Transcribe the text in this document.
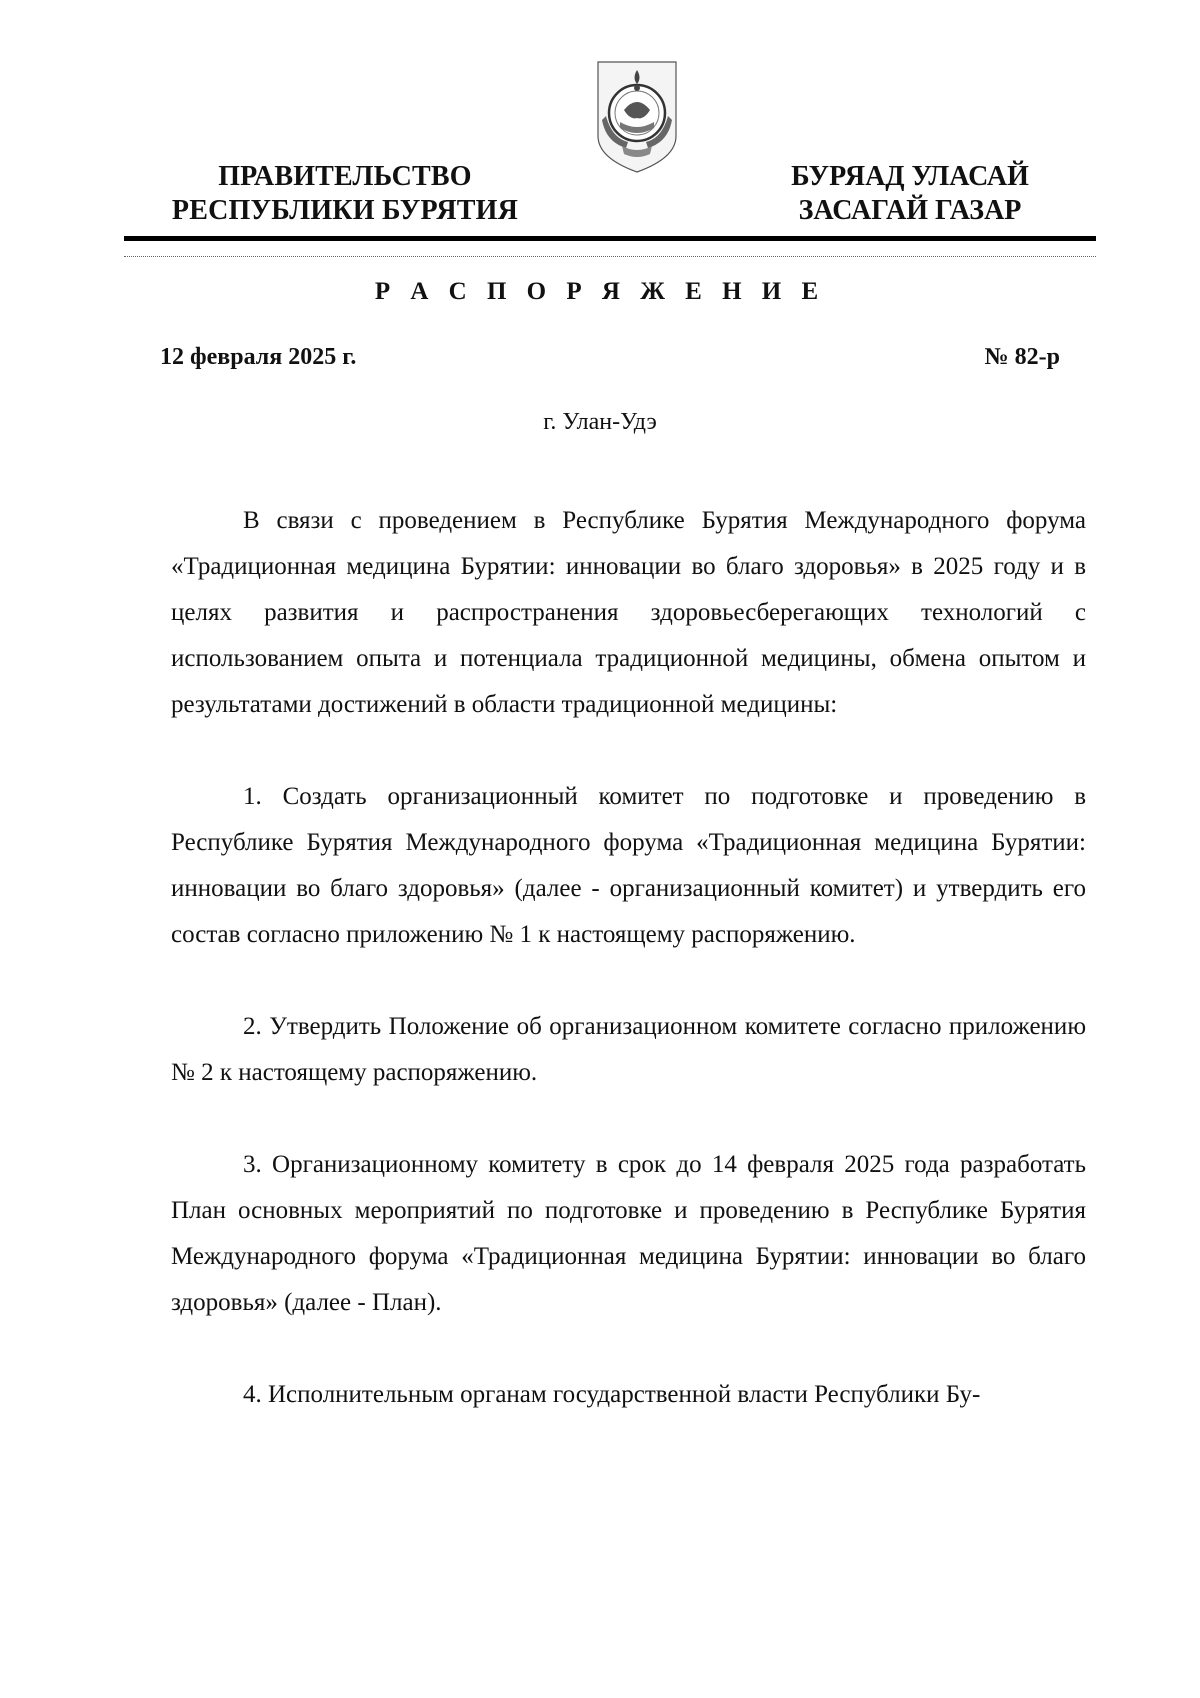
ПРАВИТЕЛЬСТВО
РЕСПУБЛИКИ БУРЯТИЯ
БУРЯАД УЛАСАЙ
ЗАСАГАЙ ГАЗАР
Р А С П О Р Я Ж Е Н И Е
12 февраля 2025 г.	№ 82-р
г. Улан-Удэ

В связи с проведением в Республике Бурятия Международного форума «Традиционная медицина Бурятии: инновации во благо здоровья» в 2025 году и в целях развития и распространения здоровьесберегающих технологий с использованием опыта и потенциала традиционной медицины, обмена опытом и результатами достижений в области традиционной медицины:

1. Создать организационный комитет по подготовке и проведению в Республике Бурятия Международного форума «Традиционная медицина Бурятии: инновации во благо здоровья» (далее - организационный комитет) и утвердить его состав согласно приложению № 1 к настоящему распоряжению.

2. Утвердить Положение об организационном комитете согласно приложению № 2 к настоящему распоряжению.

3. Организационному комитету в срок до 14 февраля 2025 года разработать План основных мероприятий по подготовке и проведению в Республике Бурятия Международного форума «Традиционная медицина Бурятии: инновации во благо здоровья» (далее - План).

4. Исполнительным органам государственной власти Республики Бу-
